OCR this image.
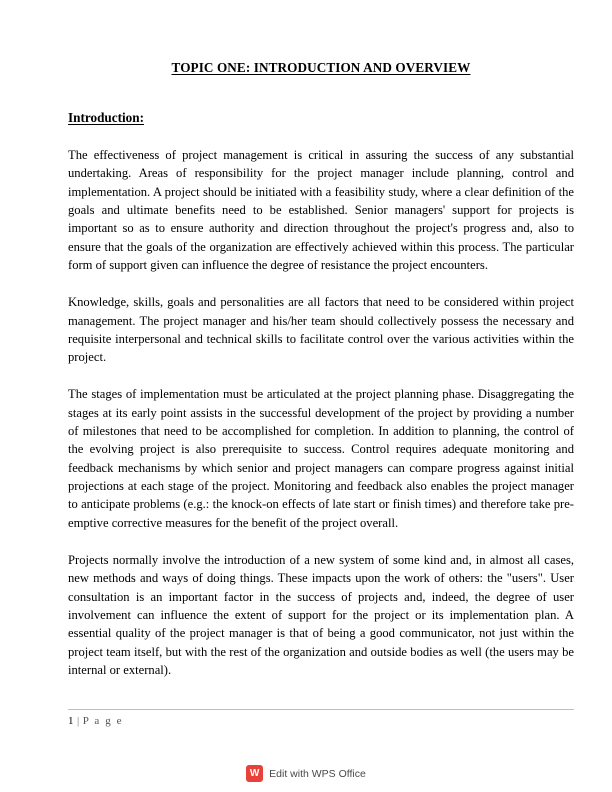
TOPIC ONE: INTRODUCTION AND OVERVIEW
Introduction:

The effectiveness of project management is critical in assuring the success of any substantial undertaking. Areas of responsibility for the project manager include planning, control and implementation. A project should be initiated with a feasibility study, where a clear definition of the goals and ultimate benefits need to be established. Senior managers' support for projects is important so as to ensure authority and direction throughout the project's progress and, also to ensure that the goals of the organization are effectively achieved within this process. The particular form of support given can influence the degree of resistance the project encounters.

Knowledge, skills, goals and personalities are all factors that need to be considered within project management. The project manager and his/her team should collectively possess the necessary and requisite interpersonal and technical skills to facilitate control over the various activities within the project.

The stages of implementation must be articulated at the project planning phase. Disaggregating the stages at its early point assists in the successful development of the project by providing a number of milestones that need to be accomplished for completion. In addition to planning, the control of the evolving project is also prerequisite to success. Control requires adequate monitoring and feedback mechanisms by which senior and project managers can compare progress against initial projections at each stage of the project. Monitoring and feedback also enables the project manager to anticipate problems (e.g.: the knock-on effects of late start or finish times) and therefore take pre-emptive corrective measures for the benefit of the project overall.

Projects normally involve the introduction of a new system of some kind and, in almost all cases, new methods and ways of doing things. These impacts upon the work of others: the "users". User consultation is an important factor in the success of projects and, indeed, the degree of user involvement can influence the extent of support for the project or its implementation plan. A essential quality of the project manager is that of being a good communicator, not just within the project team itself, but with the rest of the organization and outside bodies as well (the users may be internal or external).

1 | P a g e
W Edit with WPS Office
